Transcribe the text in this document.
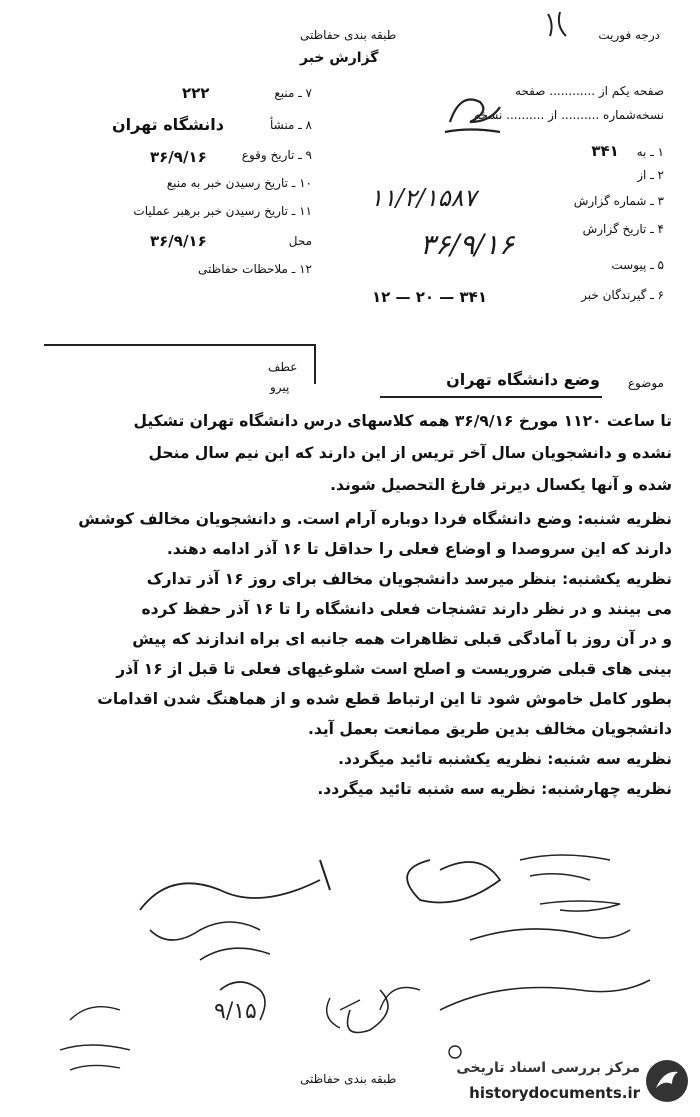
درجه فوریت
طبقه بندی حفاظتی
گزارش خبر
صفحه یکم از ............ صفحه
نسخه‌شماره .......... از .......... نسخه
۱ ـ به ۳۴۱
۲ ـ از
۳ ـ شماره گزارش
۱۱/۲/۱۵۸۷
۴ ـ تاریخ گزارش
۳۶/۹/۱۶
۵ ـ پیوست
۶ ـ گیرندگان خبر
۳۴۱ — ۲۰ — ۱۲
۷ ـ منبع
۲۲۲
۸ ـ منشأ
دانشگاه تهران
۹ ـ تاریخ وقوع
۳۶/۹/۱۶
۱۰ ـ تاریخ رسیدن خبر به منبع
۱۱ ـ تاریخ رسیدن خبر برهبر عملیات
محل
۳۶/۹/۱۶
۱۲ ـ ملاحظات حفاظتی
عطف
پیرو	موضوع
وضع دانشگاه تهران
تا ساعت ۱۱۲۰ مورخ ۳۶/۹/۱۶ همه کلاسهای درس دانشگاه تهران تشکیل
نشده و دانشجویان سال آخر تریس از این دارند که این نیم سال منحل
شده و آنها یکسال دیرتر فارغ التحصیل شوند.
نظریه شنبه: وضع دانشگاه فردا دوباره آرام است. و دانشجویان مخالف کوشش
دارند که این سروصدا و اوضاع فعلی را حداقل تا ۱۶ آذر ادامه دهند.
نظریه یکشنبه: بنظر میرسد دانشجویان مخالف برای روز ۱۶ آذر تدارک
می بینند و در نظر دارند تشنجات فعلی دانشگاه را تا ۱۶ آذر حفظ کرده
و در آن روز با آمادگی قبلی تظاهرات همه جانبه ای براه اندازند که پیش
بینی های قبلی ضروریست و اصلح است شلوغیهای فعلی تا قبل از ۱۶ آذر
بطور کامل خاموش شود تا این ارتباط قطع شده و از هماهنگ شدن اقدامات
دانشجویان مخالف بدین طریق ممانعت بعمل آید.
نظریه سه شنبه: نظریه یکشنبه تائید میگردد.
نظریه چهارشنبه: نظریه سه شنبه تائید میگردد.
۹/۱۵
طبقه بندی حفاظتی
مرکز بررسی اسناد تاریخی
historydocuments.ir
